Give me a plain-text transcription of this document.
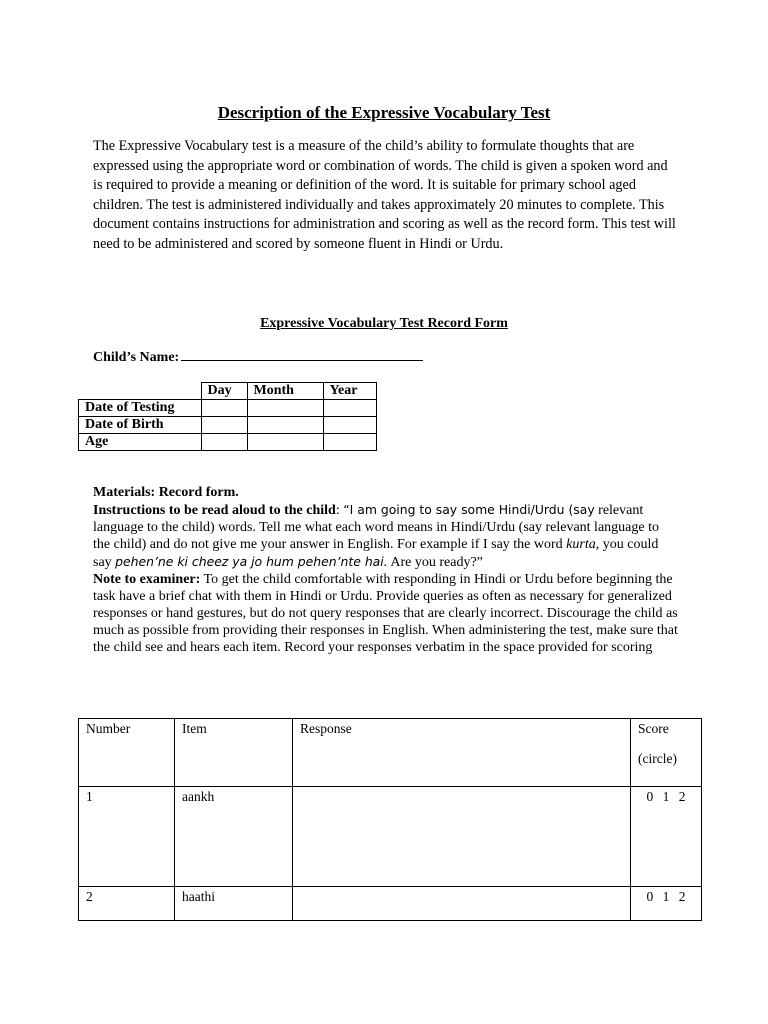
Description of the Expressive Vocabulary Test
The Expressive Vocabulary test is a measure of the child’s ability to formulate thoughts that are expressed using the appropriate word or combination of words. The child is given a spoken word and is required to provide a meaning or definition of the word. It is suitable for primary school aged children. The test is administered individually and takes approximately 20 minutes to complete. This document contains instructions for administration and scoring as well as the record form. This test will need to be administered and scored by someone fluent in Hindi or Urdu.
Expressive Vocabulary Test Record Form
Child’s Name:
	Day	Month	Year
Date of Testing			
Date of Birth			
Age			

Materials: Record form.

Instructions to be read aloud to the child: “I am going to say some Hindi/Urdu (say relevant language to the child) words. Tell me what each word means in Hindi/Urdu (say relevant language to the child) and do not give me your answer in English. For example if I say the word kurta, you could say pehen’ne ki cheez ya jo hum pehen’nte hai. Are you ready?”

Note to examiner: To get the child comfortable with responding in Hindi or Urdu before beginning the task have a brief chat with them in Hindi or Urdu. Provide queries as often as necessary for generalized responses or hand gestures, but do not query responses that are clearly incorrect. Discourage the child as much as possible from providing their responses in English. When administering the test, make sure that the child see and hears each item. Record your responses verbatim in the space provided for scoring

Number	Item	Response	Score
(circle)

1	aankh		0 1 2

2	haathi		0 1 2
